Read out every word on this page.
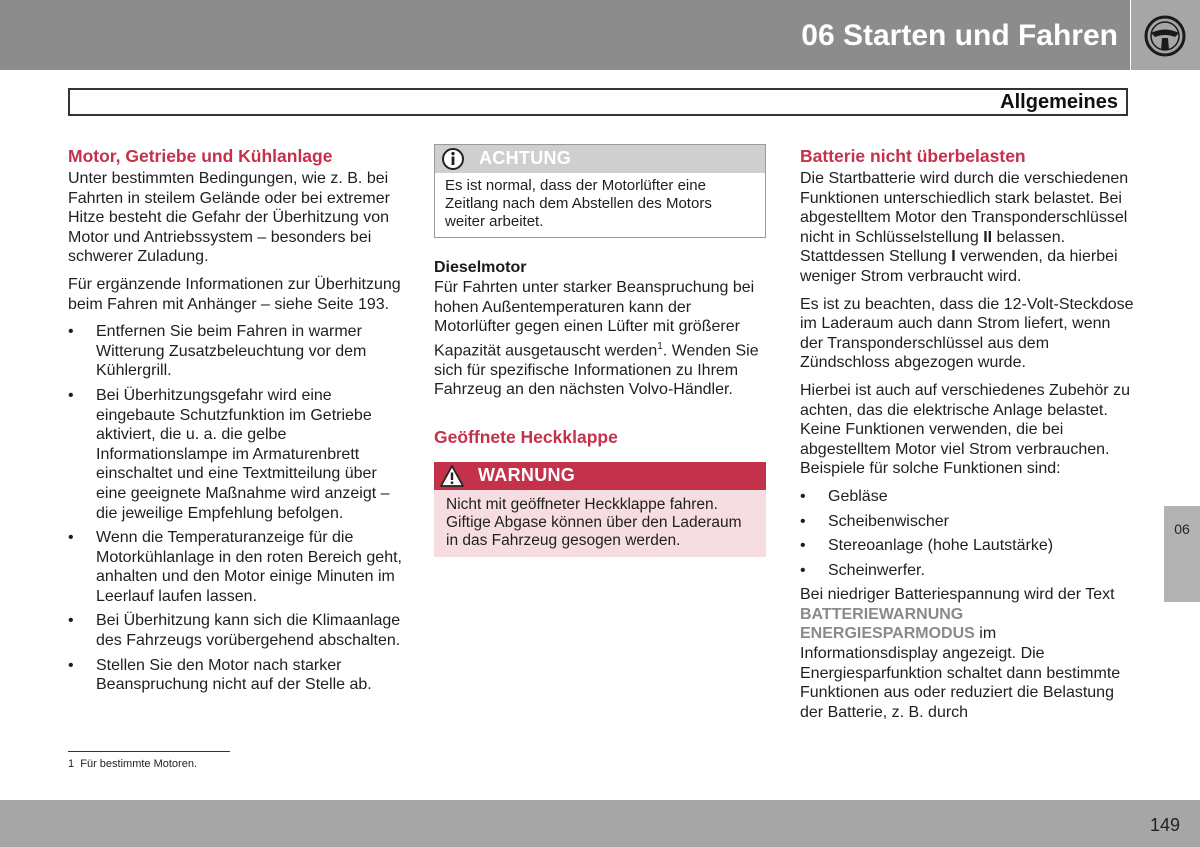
06 Starten und Fahren
Allgemeines
Motor, Getriebe und Kühlanlage

Unter bestimmten Bedingungen, wie z. B. bei Fahrten in steilem Gelände oder bei extremer Hitze besteht die Gefahr der Überhitzung von Motor und Antriebssystem – besonders bei schwerer Zuladung.

Für ergänzende Informationen zur Überhitzung beim Fahren mit Anhänger – siehe Seite 193.

•	Entfernen Sie beim Fahren in warmer Witterung Zusatzbeleuchtung vor dem Kühlergrill.
•	Bei Überhitzungsgefahr wird eine eingebaute Schutzfunktion im Getriebe aktiviert, die u. a. die gelbe Informationslampe im Armaturenbrett einschaltet und eine Textmitteilung über eine geeignete Maßnahme wird anzeigt – die jeweilige Empfehlung befolgen.
•	Wenn die Temperaturanzeige für die Motorkühlanlage in den roten Bereich geht, anhalten und den Motor einige Minuten im Leerlauf laufen lassen.
•	Bei Überhitzung kann sich die Klimaanlage des Fahrzeugs vorübergehend abschalten.
•	Stellen Sie den Motor nach starker Beanspruchung nicht auf der Stelle ab.
ACHTUNG
Es ist normal, dass der Motorlüfter eine Zeitlang nach dem Abstellen des Motors weiter arbeitet.
Dieselmotor

Für Fahrten unter starker Beanspruchung bei hohen Außentemperaturen kann der Motorlüfter gegen einen Lüfter mit größerer Kapazität ausgetauscht werden$^1$. Wenden Sie sich für spezifische Informationen zu Ihrem Fahrzeug an den nächsten Volvo-Händler.

Geöffnete Heckklappe
WARNUNG
Nicht mit geöffneter Heckklappe fahren. Giftige Abgase können über den Laderaum in das Fahrzeug gesogen werden.
Batterie nicht überbelasten

Die Startbatterie wird durch die verschiedenen Funktionen unterschiedlich stark belastet. Bei abgestelltem Motor den Transponderschlüssel nicht in Schlüsselstellung II belassen. Stattdessen Stellung I verwenden, da hierbei weniger Strom verbraucht wird.

Es ist zu beachten, dass die 12-Volt-Steckdose im Laderaum auch dann Strom liefert, wenn der Transponderschlüssel aus dem Zündschloss abgezogen wurde.

Hierbei ist auch auf verschiedenes Zubehör zu achten, das die elektrische Anlage belastet. Keine Funktionen verwenden, die bei abgestelltem Motor viel Strom verbrauchen. Beispiele für solche Funktionen sind:

•	Gebläse
•	Scheibenwischer
•	Stereoanlage (hohe Lautstärke)
•	Scheinwerfer.

Bei niedriger Batteriespannung wird der Text
BATTERIEWARNUNG
ENERGIESPARMODUS im Informationsdisplay angezeigt. Die Energiesparfunktion schaltet dann bestimmte Funktionen aus oder reduziert die Belastung der Batterie, z. B. durch

1 Für bestimmte Motoren.
06
149
